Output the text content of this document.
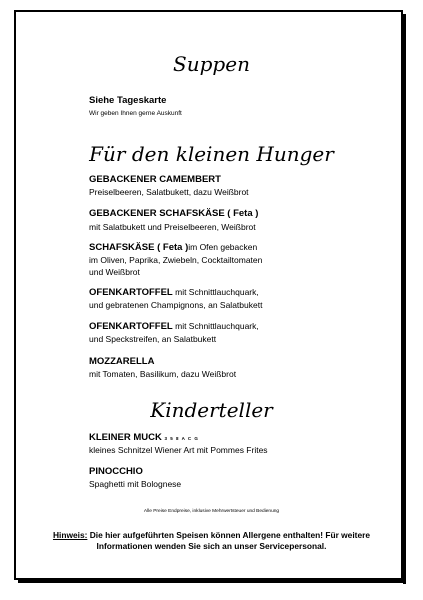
Suppen
Siehe Tageskarte
Wir geben Ihnen gerne Auskunft
Für den kleinen Hunger
GEBACKENER CAMEMBERT
Preiselbeeren, Salatbukett, dazu Weißbrot
GEBACKENER SCHAFSKÄSE ( Feta )
mit Salatbukett und Preiselbeeren, Weißbrot
SCHAFSKÄSE ( Feta )im Ofen gebacken
im Oliven, Paprika, Zwiebeln, Cocktailtomaten
und Weißbrot
OFENKARTOFFEL mit Schnittlauchquark,
und gebratenen Champignons, an Salatbukett
OFENKARTOFFEL mit Schnittlauchquark,
und Speckstreifen, an Salatbukett
MOZZARELLA
mit Tomaten, Basilikum, dazu Weißbrot
Kinderteller
KLEINER MUCK 3 5 8 A C G
kleines Schnitzel Wiener Art mit Pommes Frites
PINOCCHIO
Spaghetti mit Bolognese
Alle Preise Endpreise, inklusive Mehrwertsteuer und Bedienung
Hinweis: Die hier aufgeführten Speisen können Allergene enthalten! Für weitere Informationen wenden Sie sich an unser Servicepersonal.
